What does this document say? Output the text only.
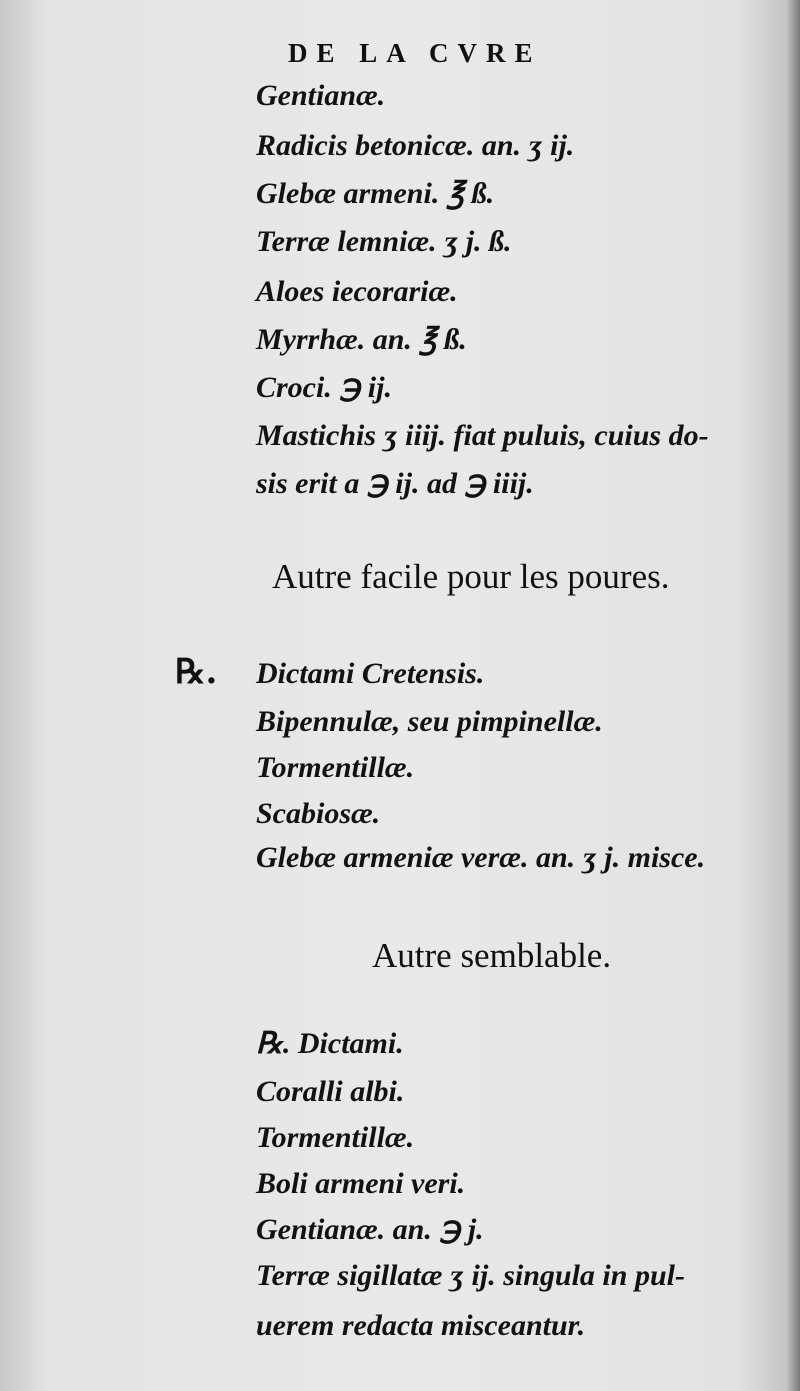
DE LA CVRE
Gentianæ.
Radicis betonicæ. an. ʒ ij.
Glebæ armeni. ℥ ß.
Terræ lemniæ. ʒ j. ß.
Aloes iecorariæ.
Myrrhæ. an. ℥ ß.
Croci. ℈ ij.
Mastichis ʒ iiij. fiat puluis, cuius do-
sis erit a ℈ ij. ad ℈ iiij.
Autre facile pour les poures.
℞. Dictami Cretensis.
Bipennulæ, seu pimpinellæ.
Tormentillæ.
Scabiosæ.
Glebæ armeniæ veræ. an. ʒ j. misce.
Autre semblable.
℞. Dictami.
Coralli albi.
Tormentillæ.
Boli armeni veri.
Gentianæ. an. ℈ j.
Terræ sigillatæ ʒ ij. singula in pul-
uerem redacta misceantur.
